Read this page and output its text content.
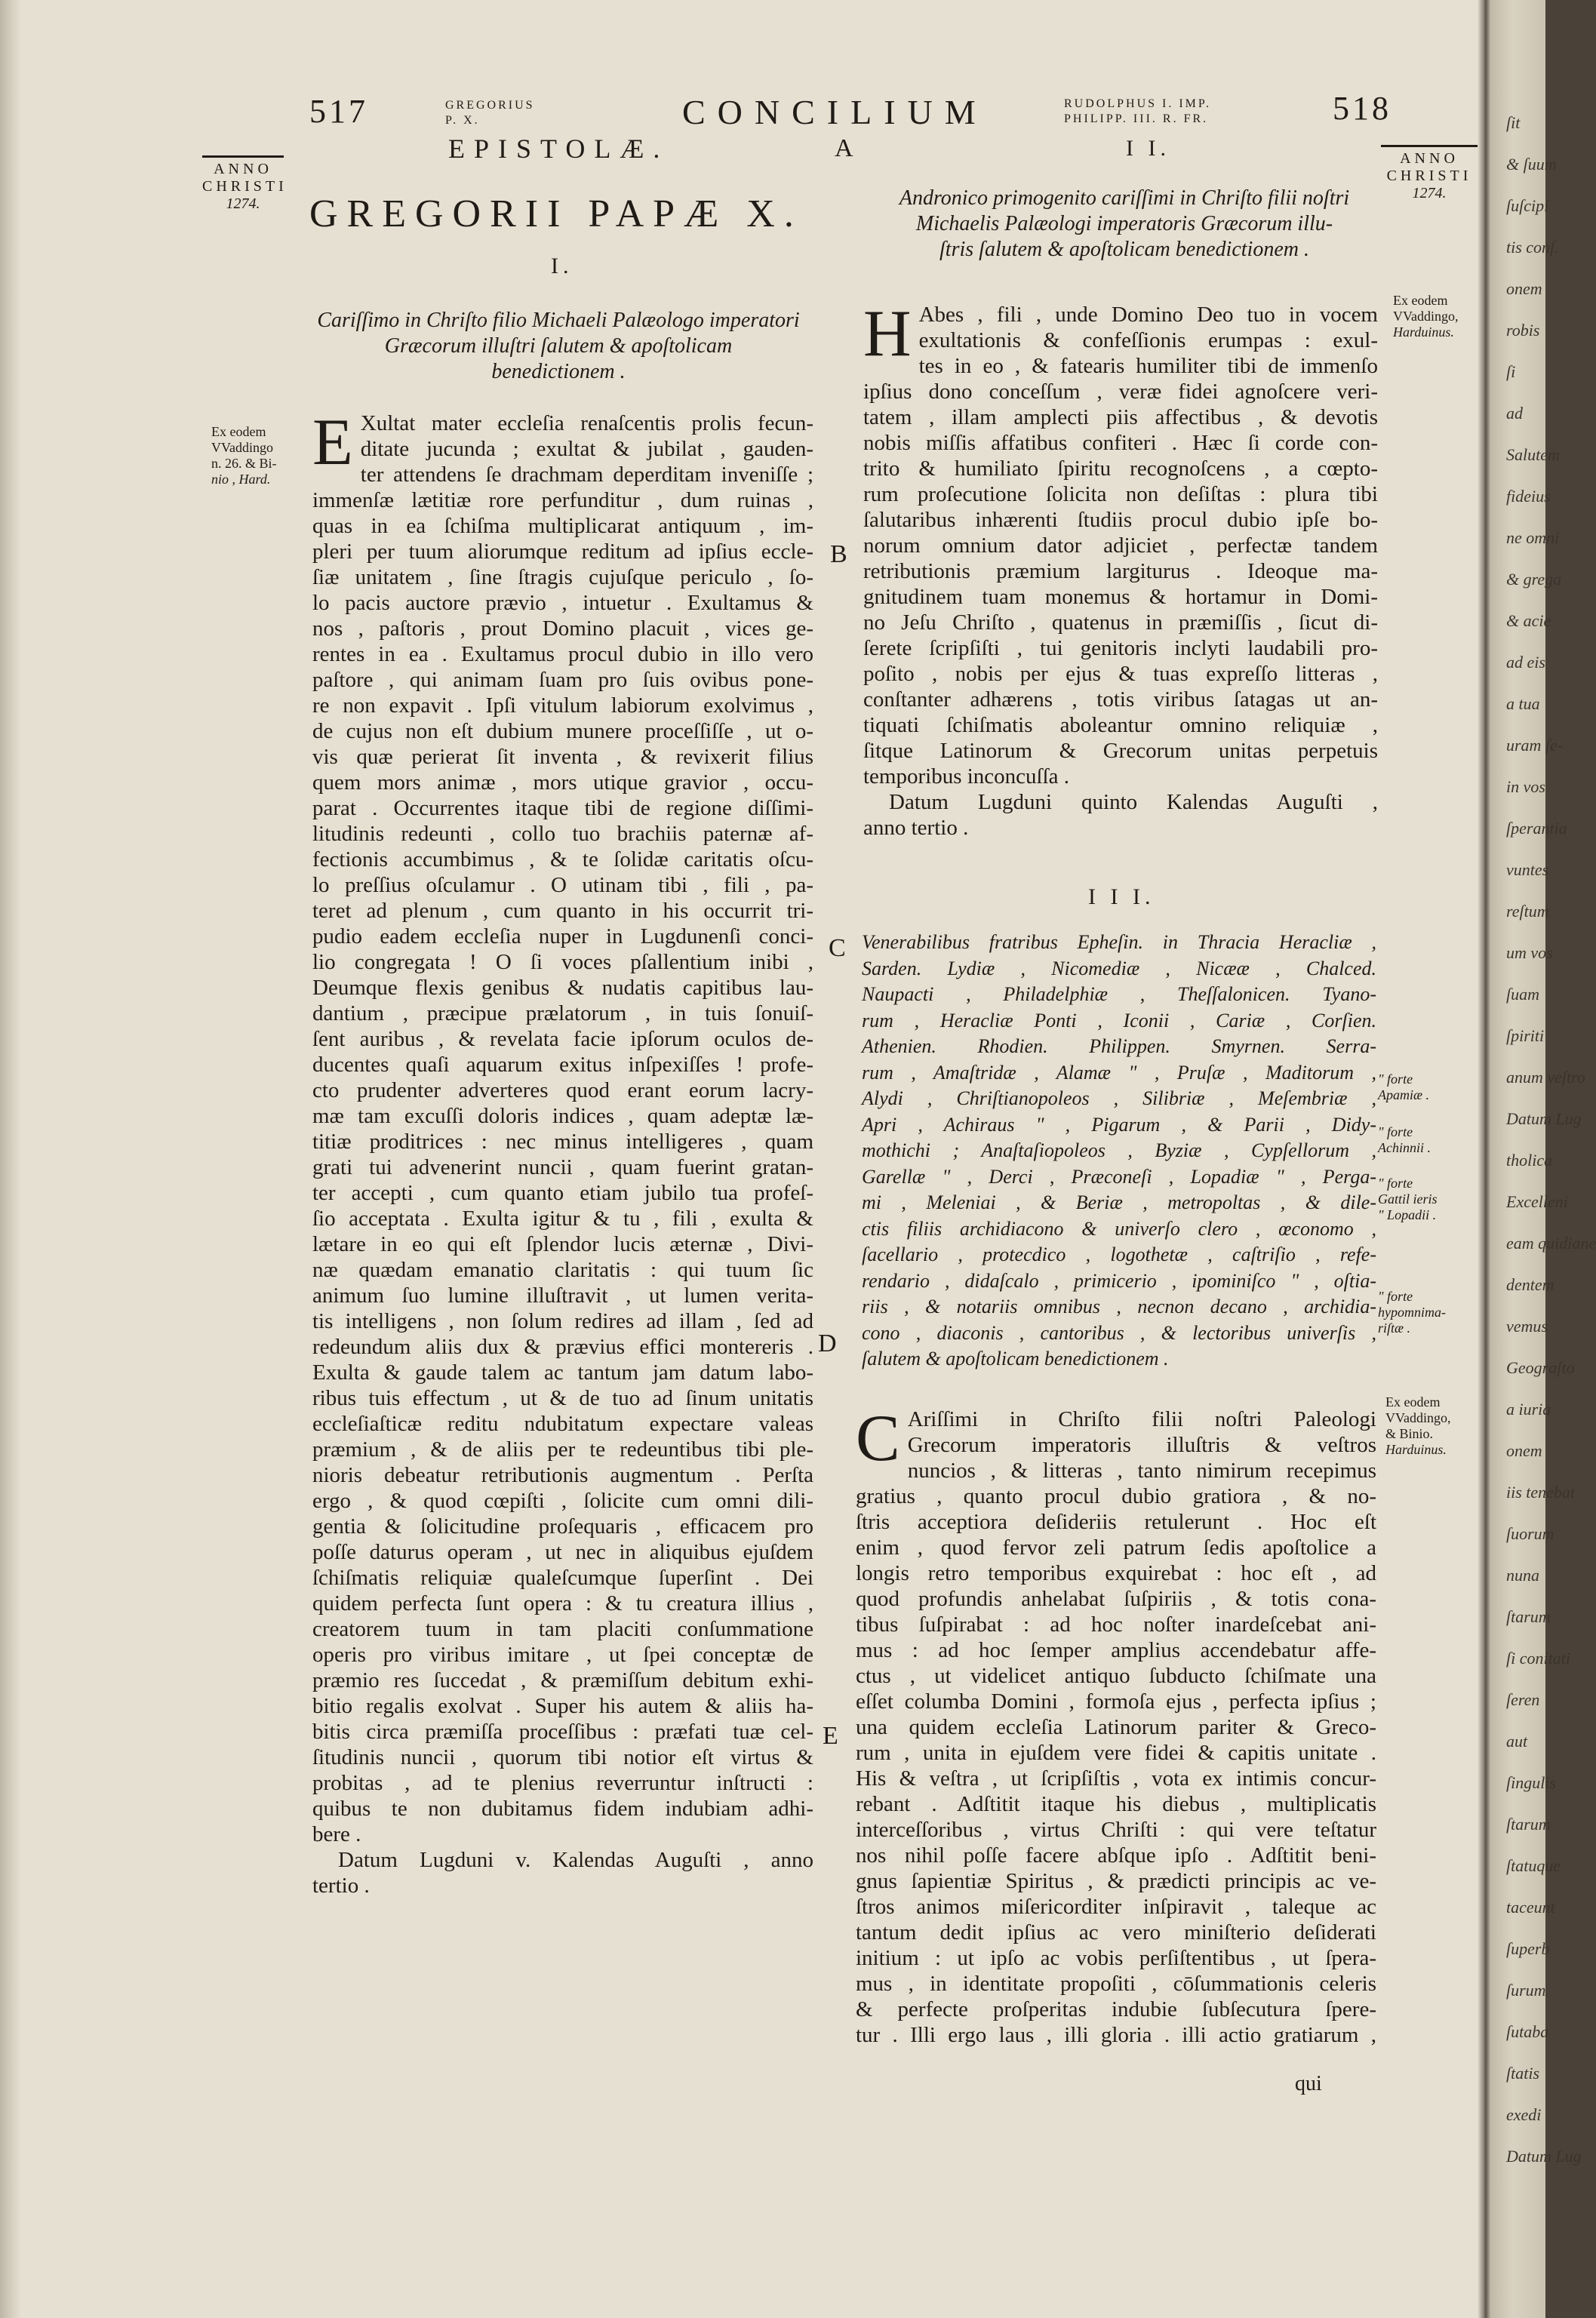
517	GREGORIUS
P. X.	CONCILIUM	RUDOLPHUS I. IMP.
PHILIPP. III. R. FR.	518
ANNO
CHRISTI
1274.
ANNO
CHRISTI
1274.
EPISTOLÆ.
GREGORII PAPÆ X.
A
B
C
D
E
I.
Cariſſimo in Chriſto filio Michaeli Palæologo imperatori
Græcorum illuſtri ſalutem & apoſtolicam
benedictionem .
Ex eodem
VVaddingo
n. 26. & Bi-
nio , Hard. E Xultat mater eccleſia renaſcentis prolis fecun-
ditate jucunda ; exultat & jubilat , gauden-
ter attendens ſe drachmam deperditam inveniſſe ;
immenſæ lætitiæ rore perfunditur , dum ruinas ,
quas in ea ſchiſma multiplicarat antiquum , im-
pleri per tuum aliorumque reditum ad ipſius eccle-
ſiæ unitatem , ſine ſtragis cujuſque periculo , ſo-
lo pacis auctore prævio , intuetur . Exultamus &
nos , paſtoris , prout Domino placuit , vices ge-
rentes in ea . Exultamus procul dubio in illo vero
paſtore , qui animam ſuam pro ſuis ovibus pone-
re non expavit . Ipſi vitulum labiorum exolvimus ,
de cujus non eſt dubium munere proceſſiſſe , ut o-
vis quæ perierat ſit inventa , & revixerit filius
quem mors animæ , mors utique gravior , occu-
parat . Occurrentes itaque tibi de regione diſſimi-
litudinis redeunti , collo tuo brachiis paternæ af-
fectionis accumbimus , & te ſolidæ caritatis oſcu-
lo preſſius oſculamur . O utinam tibi , fili , pa-
teret ad plenum , cum quanto in his occurrit tri-
pudio eadem eccleſia nuper in Lugdunenſi conci-
lio congregata ! O ſi voces pſallentium inibi ,
Deumque flexis genibus & nudatis capitibus lau-
dantium , præcipue prælatorum , in tuis ſonuiſ-
ſent auribus , & revelata facie ipſorum oculos de-
ducentes quaſi aquarum exitus inſpexiſſes ! profe-
cto prudenter adverteres quod erant eorum lacry-
mæ tam excuſſi doloris indices , quam adeptæ læ-
titiæ proditrices : nec minus intelligeres , quam
grati tui advenerint nuncii , quam fuerint gratan-
ter accepti , cum quanto etiam jubilo tua profeſ-
ſio acceptata . Exulta igitur & tu , fili , exulta &
lætare in eo qui eſt ſplendor lucis æternæ , Divi-
næ quædam emanatio claritatis : qui tuum ſic
animum ſuo lumine illuſtravit , ut lumen verita-
tis intelligens , non ſolum redires ad illam , ſed ad
redeundum aliis dux & prævius effici montereris .
Exulta & gaude talem ac tantum jam datum labo-
ribus tuis effectum , ut & de tuo ad ſinum unitatis
eccleſiaſticæ reditu ndubitatum expectare valeas
præmium , & de aliis per te redeuntibus tibi ple-
nioris debeatur retributionis augmentum . Perſta
ergo , & quod cœpiſti , ſolicite cum omni dili-
gentia & ſolicitudine proſequaris , efficacem pro
poſſe daturus operam , ut nec in aliquibus ejuſdem
ſchiſmatis reliquiæ qualeſcumque ſuperſint . Dei
quidem perfecta ſunt opera : & tu creatura illius ,
creatorem tuum in tam placiti conſummatione
operis pro viribus imitare , ut ſpei conceptæ de
præmio res ſuccedat , & præmiſſum debitum exhi-
bitio regalis exolvat . Super his autem & aliis ha-
bitis circa præmiſſa proceſſibus : præfati tuæ cel-
ſitudinis nuncii , quorum tibi notior eſt virtus &
probitas , ad te plenius reverruntur inſtructi :
quibus te non dubitamus fidem indubiam adhi-
bere .
Datum Lugduni v. Kalendas Auguſti , anno
tertio .
I I.
Andronico primogenito cariſſimi in Chriſto filii noſtri
Michaelis Palæologi imperatoris Græcorum illu-
ſtris ſalutem & apoſtolicam benedictionem .
Ex eodem
VVaddingo,
Harduinus.
H Abes , fili , unde Domino Deo tuo in vocem
exultationis & confeſſionis erumpas : exul-
tes in eo , & fatearis humiliter tibi de immenſo
ipſius dono conceſſum , veræ fidei agnoſcere veri-
tatem , illam amplecti piis affectibus , & devotis
nobis miſſis affatibus confiteri . Hæc ſi corde con-
trito & humiliato ſpiritu recognoſcens , a cœpto-
rum proſecutione ſolicita non deſiſtas : plura tibi
ſalutaribus inhærenti ſtudiis procul dubio ipſe bo-
norum omnium dator adjiciet , perfectæ tandem
retributionis præmium largiturus . Ideoque ma-
gnitudinem tuam monemus & hortamur in Domi-
no Jeſu Chriſto , quatenus in præmiſſis , ſicut di-
ſerete ſcripſiſti , tui genitoris inclyti laudabili pro-
poſito , nobis per ejus & tuas expreſſo litteras ,
conſtanter adhærens , totis viribus ſatagas ut an-
tiquati ſchiſmatis aboleantur omnino reliquiæ ,
ſitque Latinorum & Grecorum unitas perpetuis
temporibus inconcuſſa .
Datum Lugduni quinto Kalendas Auguſti ,
anno tertio .
I I I.
Venerabilibus fratribus Epheſin. in Thracia Heracliæ ,
Sarden. Lydiæ , Nicomediæ , Nicææ , Chalced.
Naupacti , Philadelphiæ , Theſſalonicen. Tyano-
rum , Heracliæ Ponti , Iconii , Cariæ , Corſien.
Athenien. Rhodien. Philippen. Smyrnen. Serra-
rum , Amaſtridæ , Alamæ " , Pruſæ , Maditorum ,
Alydi , Chriſtianopoleos , Silibriæ , Meſembriæ ,
Apri , Achiraus " , Pigarum , & Parii , Didy-
mothichi ; Anaſtaſiopoleos , Byziæ , Cypſellorum ,
Garellæ " , Derci , Præconeſi , Lopadiæ " , Perga-
mi , Meleniai , & Beriæ , metropoltas , & dile-
ctis filiis archidiacono & univerſo clero , œconomo ,
ſacellario , protecdico , logothetæ , caſtriſio , refe-
rendario , didaſcalo , primicerio , ipominiſco " , oſtia-
riis , & notariis omnibus , necnon decano , archidia-
cono , diaconis , cantoribus , & lectoribus univerſis ,
ſalutem & apoſtolicam benedictionem .
" forte
Apamiæ .
" forte
Achinnii .
" forte
Gattil ieris
" Lopadii .
" forte
hypomnima-
riſtæ .
Ex eodem
VVaddingo,
& Binio.
Harduinus.
C Ariſſimi in Chriſto filii noſtri Paleologi
Grecorum imperatoris illuſtris & veſtros
nuncios , & litteras , tanto nimirum recepimus
gratius , quanto procul dubio gratiora , & no-
ſtris acceptiora deſideriis retulerunt . Hoc eſt
enim , quod fervor zeli patrum ſedis apoſtolice a
longis retro temporibus exquirebat : hoc eſt , ad
quod profundis anhelabat ſuſpiriis , & totis cona-
tibus ſuſpirabat : ad hoc noſter inardeſcebat ani-
mus : ad hoc ſemper amplius accendebatur affe-
ctus , ut videlicet antiquo ſubducto ſchiſmate una
eſſet columba Domini , formoſa ejus , perfecta ipſius ;
una quidem eccleſia Latinorum pariter & Greco-
rum , unita in ejuſdem vere fidei & capitis unitate .
His & veſtra , ut ſcripſiſtis , vota ex intimis concur-
rebant . Adſtitit itaque his diebus , multiplicatis
interceſſoribus , virtus Chriſti : qui vere teſtatur
nos nihil poſſe facere abſque ipſo . Adſtitit beni-
gnus ſapientiæ Spiritus , & prædicti principis ac ve-
ſtros animos miſericorditer inſpiravit , taleque ac
tantum dedit ipſius ac vero miniſterio deſiderati
initium : ut ipſo ac vobis perſiſtentibus , ut ſpera-
mus , in identitate propoſiti , cōſummationis celeris
& perfecte proſperitas indubie ſubſecutura ſpere-
tur . Illi ergo laus , illi gloria . illi actio gratiarum ,
qui
ſit
& ſuum
ſuſcipi
tis conſ.
onem
robis
ſi
ad
Salutem
fideius
ne omni
& grega
& acie
ad eis
a tua
uram ſe-
in vos
ſperantia
vuntes
reſtum
um vos
ſuam
ſpiriti
anum veſtro
Datum Lug
tholica
Excelleni
eam quidiane
dentem
vemus
Geograſto
a iuria
onem
iis tenebat
ſuorum
nuna
ſtarum
ſi conitati
ſeren
aut
ſingulis
ſtarum
ſtatuque
taceunt
ſuperb
ſurum
ſutaba
ſtatis
exedi
Datum Lug
